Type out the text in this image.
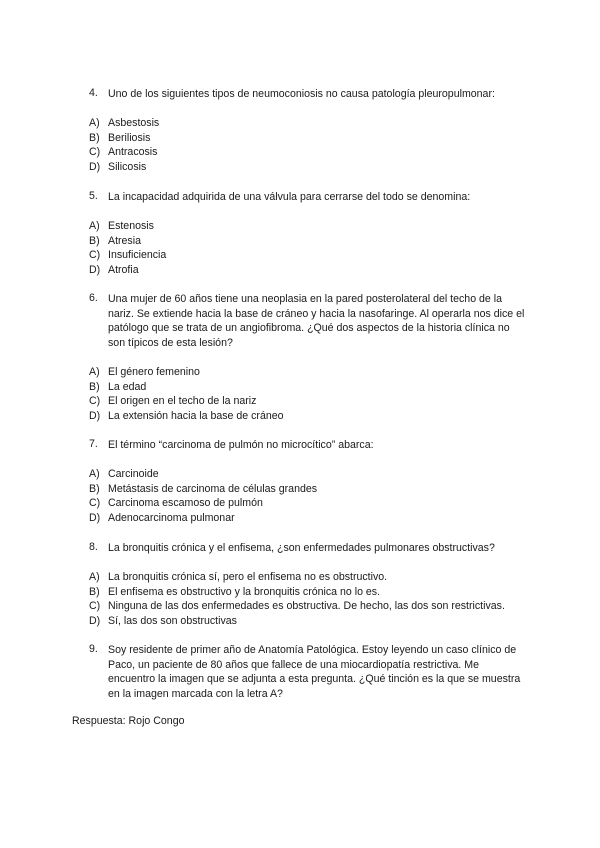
4. Uno de los siguientes tipos de neumoconiosis no causa patología pleuropulmonar:
A) Asbestosis
B) Beriliosis
C) Antracosis
D) Silicosis
5. La incapacidad adquirida de una válvula para cerrarse del todo se denomina:
A) Estenosis
B) Atresia
C) Insuficiencia
D) Atrofia
6. Una mujer de 60 años tiene una neoplasia en la pared posterolateral del techo de la nariz. Se extiende hacia la base de cráneo y hacia la nasofaringe. Al operarla nos dice el patólogo que se trata de un angiofibroma. ¿Qué dos aspectos de la historia clínica no son típicos de esta lesión?
A) El género femenino
B) La edad
C) El origen en el techo de la nariz
D) La extensión hacia la base de cráneo
7. El término “carcinoma de pulmón no microcítico” abarca:
A) Carcinoide
B) Metástasis de carcinoma de células grandes
C) Carcinoma escamoso de pulmón
D) Adenocarcinoma pulmonar
8. La bronquitis crónica y el enfisema, ¿son enfermedades pulmonares obstructivas?
A) La bronquitis crónica sí, pero el enfisema no es obstructivo.
B) El enfisema es obstructivo y la bronquitis crónica no lo es.
C) Ninguna de las dos enfermedades es obstructiva. De hecho, las dos son restrictivas.
D) Sí, las dos son obstructivas
9. Soy residente de primer año de Anatomía Patológica. Estoy leyendo un caso clínico de Paco, un paciente de 80 años que fallece de una miocardiopatía restrictiva. Me encuentro la imagen que se adjunta a esta pregunta. ¿Qué tinción es la que se muestra en la imagen marcada con la letra A?
Respuesta: Rojo Congo
